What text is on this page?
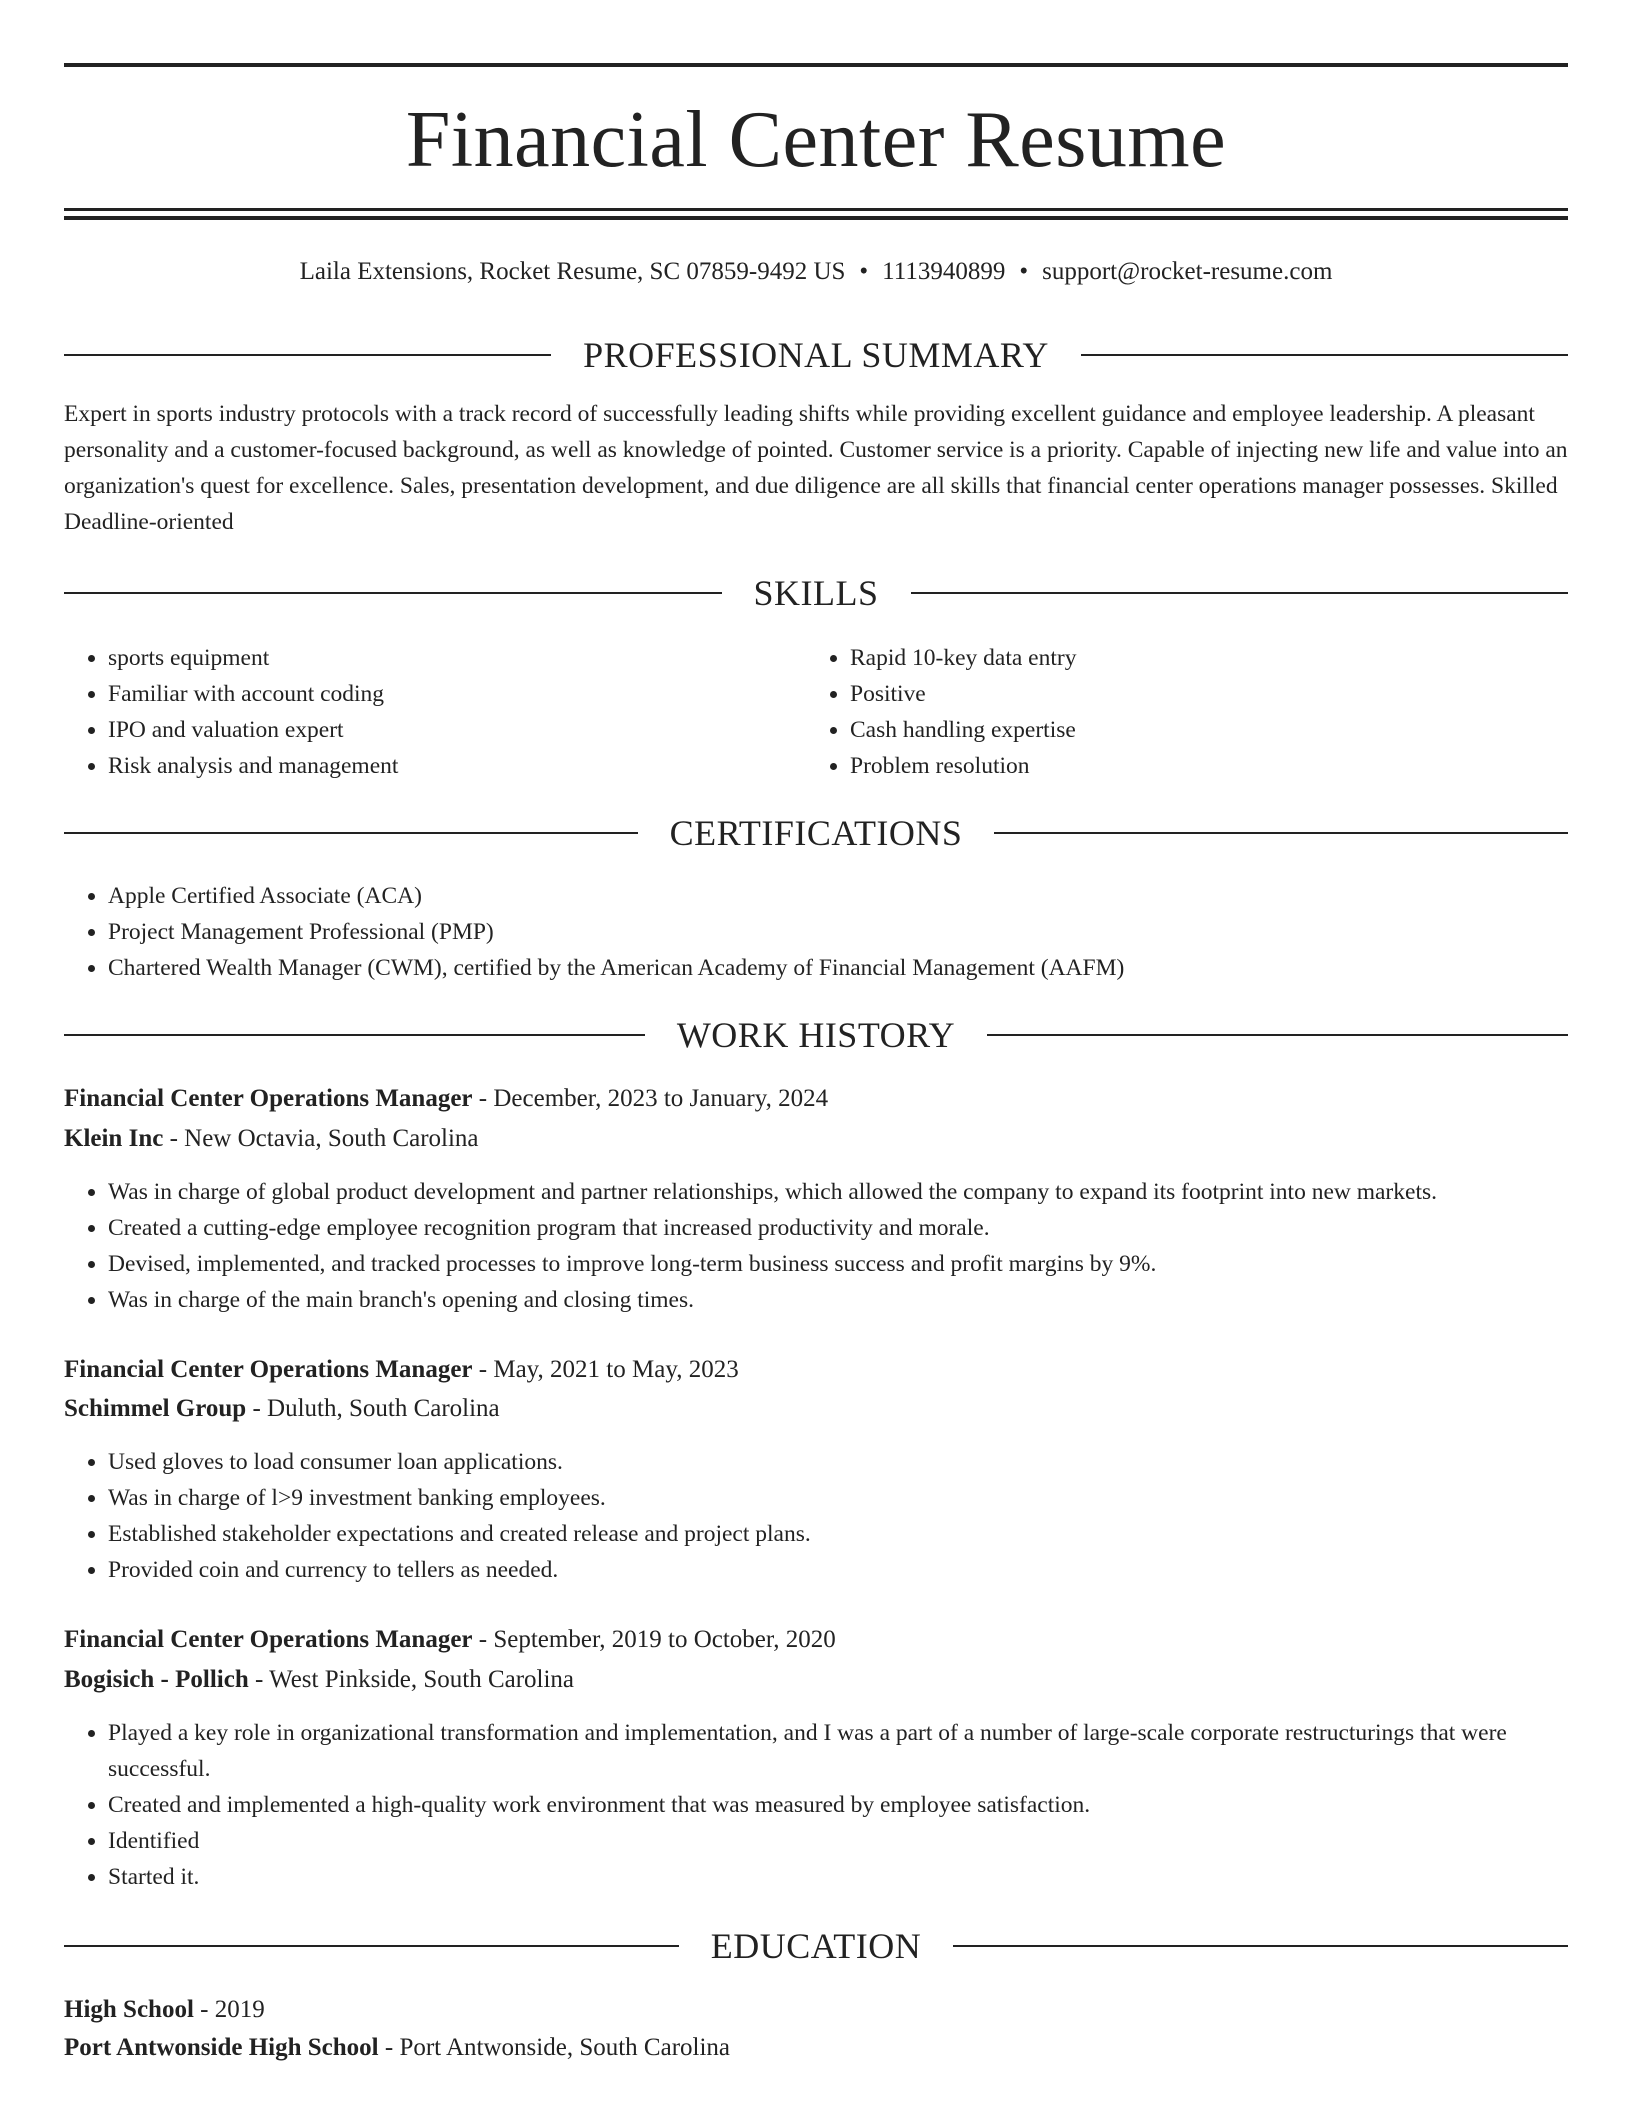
Financial Center Resume
Laila Extensions, Rocket Resume, SC 07859-9492 US • 1113940899 • support@rocket-resume.com
PROFESSIONAL SUMMARY
Expert in sports industry protocols with a track record of successfully leading shifts while providing excellent guidance and employee leadership. A pleasant personality and a customer-focused background, as well as knowledge of pointed. Customer service is a priority. Capable of injecting new life and value into an organization's quest for excellence. Sales, presentation development, and due diligence are all skills that financial center operations manager possesses. Skilled Deadline-oriented
SKILLS
• sports equipment
• Familiar with account coding
• IPO and valuation expert
• Risk analysis and management
• Rapid 10-key data entry
• Positive
• Cash handling expertise
• Problem resolution
CERTIFICATIONS
• Apple Certified Associate (ACA)
• Project Management Professional (PMP)
• Chartered Wealth Manager (CWM), certified by the American Academy of Financial Management (AAFM)
WORK HISTORY
Financial Center Operations Manager - December, 2023 to January, 2024
Klein Inc - New Octavia, South Carolina
• Was in charge of global product development and partner relationships, which allowed the company to expand its footprint into new markets.
• Created a cutting-edge employee recognition program that increased productivity and morale.
• Devised, implemented, and tracked processes to improve long-term business success and profit margins by 9%.
• Was in charge of the main branch's opening and closing times.
Financial Center Operations Manager - May, 2021 to May, 2023
Schimmel Group - Duluth, South Carolina
• Used gloves to load consumer loan applications.
• Was in charge of l>9 investment banking employees.
• Established stakeholder expectations and created release and project plans.
• Provided coin and currency to tellers as needed.
Financial Center Operations Manager - September, 2019 to October, 2020
Bogisich - Pollich - West Pinkside, South Carolina
• Played a key role in organizational transformation and implementation, and I was a part of a number of large-scale corporate restructurings that were successful.
• Created and implemented a high-quality work environment that was measured by employee satisfaction.
• Identified
• Started it.
EDUCATION
High School - 2019
Port Antwonside High School - Port Antwonside, South Carolina
